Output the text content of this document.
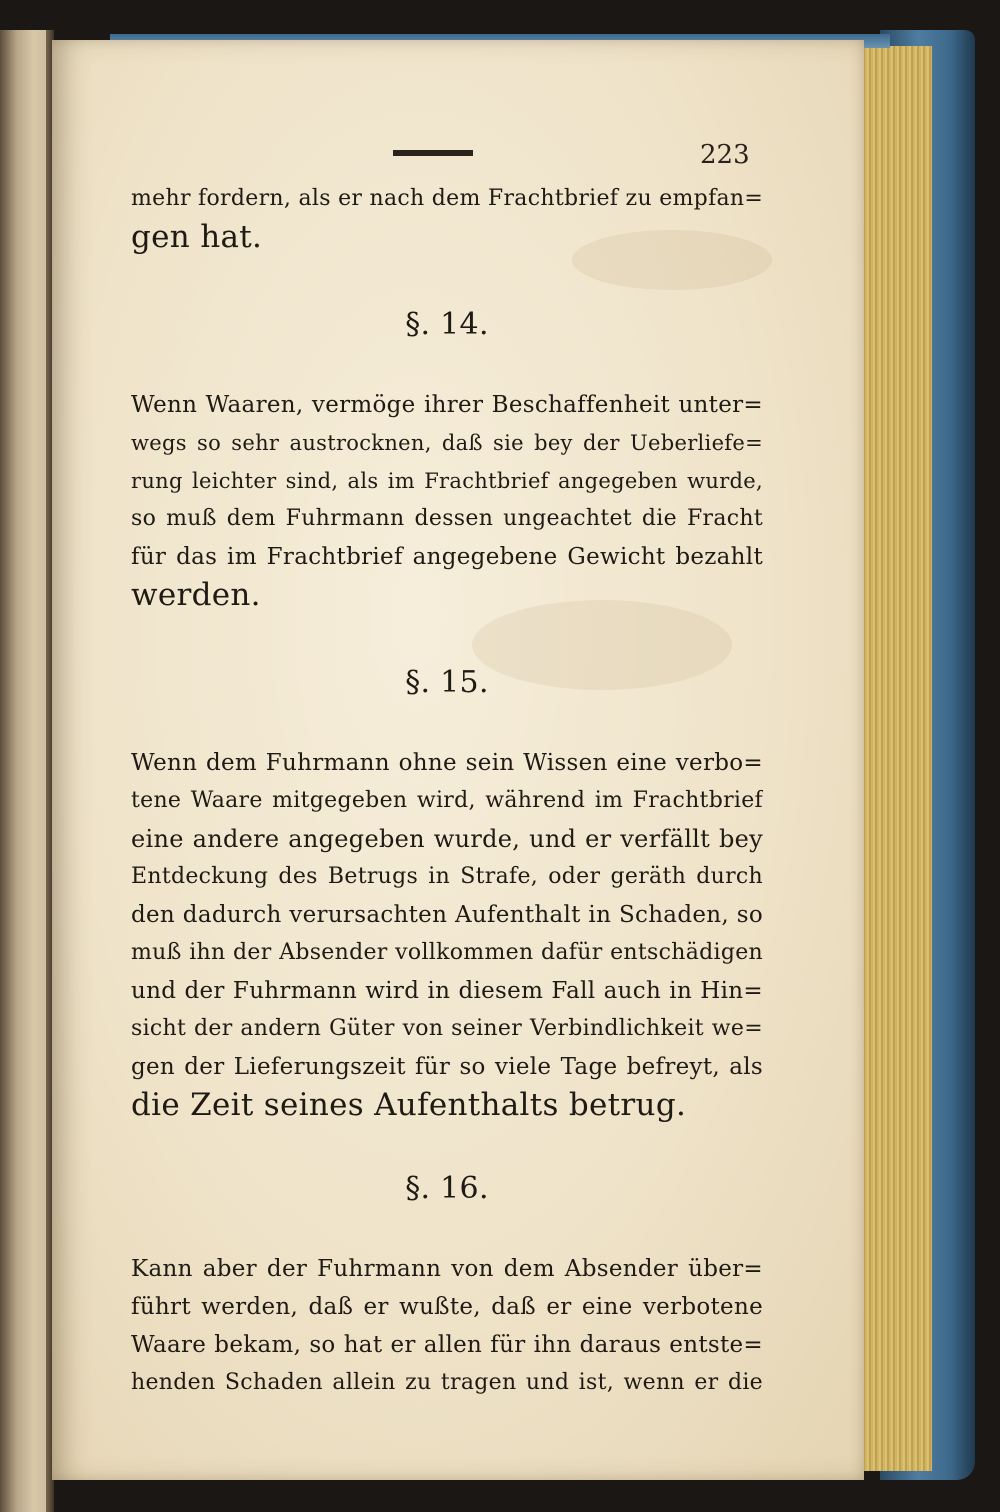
223
mehr fordern, als er nach dem Frachtbrief zu empfan=
gen hat.
§. 14.
Wenn Waaren, vermöge ihrer Beschaffenheit unter=
wegs so sehr austrocknen, daß sie bey der Ueberliefe=
rung leichter sind, als im Frachtbrief angegeben wurde,
so muß dem Fuhrmann dessen ungeachtet die Fracht
für das im Frachtbrief angegebene Gewicht bezahlt
werden.
§. 15.
Wenn dem Fuhrmann ohne sein Wissen eine verbo=
tene Waare mitgegeben wird, während im Frachtbrief
eine andere angegeben wurde, und er verfällt bey
Entdeckung des Betrugs in Strafe, oder geräth durch
den dadurch verursachten Aufenthalt in Schaden, so
muß ihn der Absender vollkommen dafür entschädigen
und der Fuhrmann wird in diesem Fall auch in Hin=
sicht der andern Güter von seiner Verbindlichkeit we=
gen der Lieferungszeit für so viele Tage befreyt, als
die Zeit seines Aufenthalts betrug.
§. 16.
Kann aber der Fuhrmann von dem Absender über=
führt werden, daß er wußte, daß er eine verbotene
Waare bekam, so hat er allen für ihn daraus entste=
henden Schaden allein zu tragen und ist, wenn er die
